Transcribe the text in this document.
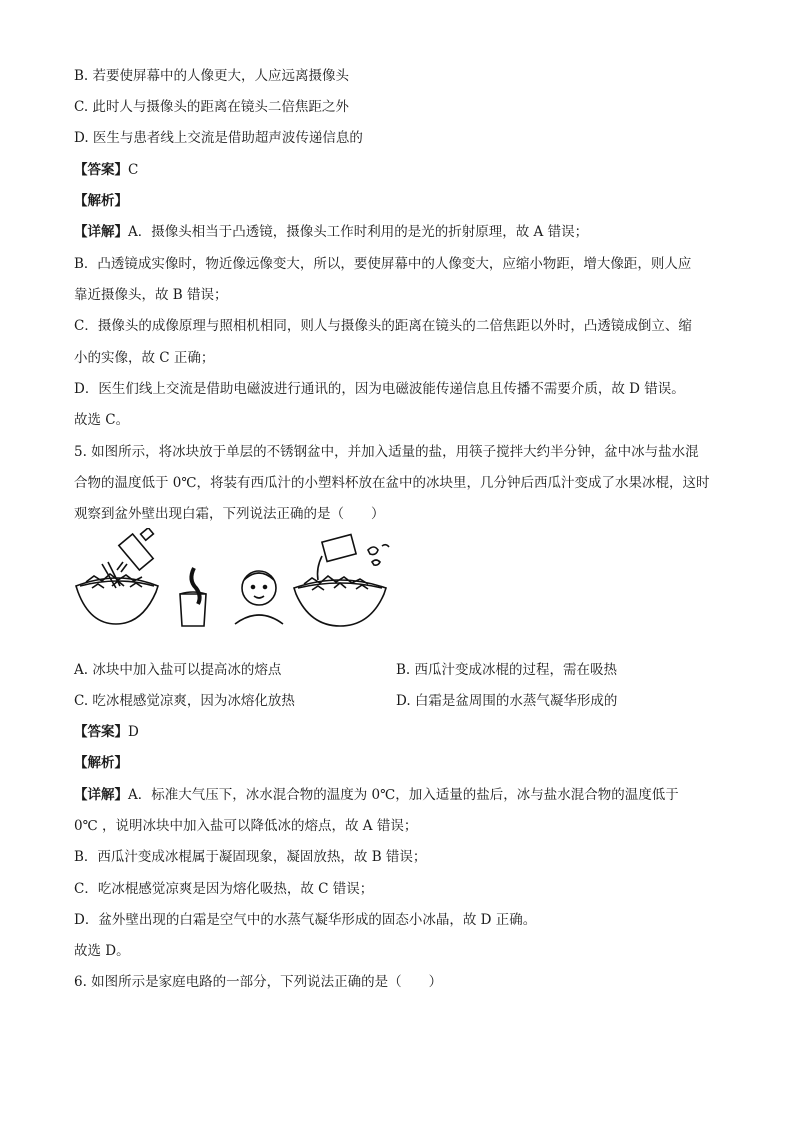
B. 若要使屏幕中的人像更大，人应远离摄像头
C. 此时人与摄像头的距离在镜头二倍焦距之外
D. 医生与患者线上交流是借助超声波传递信息的
【答案】C
【解析】
【详解】A．摄像头相当于凸透镜，摄像头工作时利用的是光的折射原理，故 A 错误；
B．凸透镜成实像时，物近像远像变大，所以，要使屏幕中的人像变大，应缩小物距，增大像距，则人应
靠近摄像头，故 B 错误；
C．摄像头的成像原理与照相机相同，则人与摄像头的距离在镜头的二倍焦距以外时，凸透镜成倒立、缩
小的实像，故 C 正确；
D．医生们线上交流是借助电磁波进行通讯的，因为电磁波能传递信息且传播不需要介质，故 D 错误。
故选 C。
5. 如图所示，将冰块放于单层的不锈钢盆中，并加入适量的盐，用筷子搅拌大约半分钟，盆中冰与盐水混
合物的温度低于 0℃，将装有西瓜汁的小塑料杯放在盆中的冰块里，几分钟后西瓜汁变成了水果冰棍，这时
观察到盆外壁出现白霜，下列说法正确的是（　　）
A. 冰块中加入盐可以提高冰的熔点	B. 西瓜汁变成冰棍的过程，需在吸热
C. 吃冰棍感觉凉爽，因为冰熔化放热	D. 白霜是盆周围的水蒸气凝华形成的
【答案】D
【解析】
【详解】A．标准大气压下，冰水混合物的温度为 0℃，加入适量的盐后，冰与盐水混合物的温度低于
0℃ ，说明冰块中加入盐可以降低冰的熔点，故 A 错误；
B．西瓜汁变成冰棍属于凝固现象，凝固放热，故 B 错误；
C．吃冰棍感觉凉爽是因为熔化吸热，故 C 错误；
D．盆外壁出现的白霜是空气中的水蒸气凝华形成的固态小冰晶，故 D 正确。
故选 D。
6. 如图所示是家庭电路的一部分，下列说法正确的是（　　）
